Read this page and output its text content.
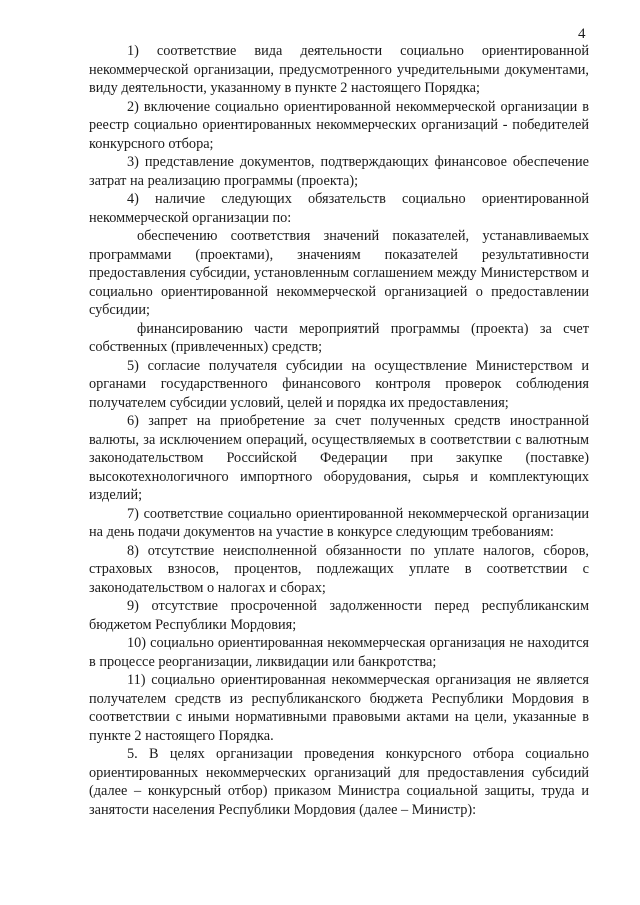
4

1) соответствие вида деятельности социально ориентированной некоммерческой организации, предусмотренного учредительными документами, виду деятельности, указанному в пункте 2 настоящего Порядка;

2) включение социально ориентированной некоммерческой организации в реестр социально ориентированных некоммерческих организаций - победителей конкурсного отбора;

3) представление документов, подтверждающих финансовое обеспечение затрат на реализацию программы (проекта);

4) наличие следующих обязательств социально ориентированной некоммерческой организации по:

обеспечению соответствия значений показателей, устанавливаемых программами (проектами), значениям показателей результативности предоставления субсидии, установленным соглашением между Министерством и социально ориентированной некоммерческой организацией о предоставлении субсидии;

финансированию части мероприятий программы (проекта) за счет собственных (привлеченных) средств;

5) согласие получателя субсидии на осуществление Министерством и органами государственного финансового контроля проверок соблюдения получателем субсидии условий, целей и порядка их предоставления;

6) запрет на приобретение за счет полученных средств иностранной валюты, за исключением операций, осуществляемых в соответствии с валютным законодательством Российской Федерации при закупке (поставке) высокотехнологичного импортного оборудования, сырья и комплектующих изделий;

7) соответствие социально ориентированной некоммерческой организации на день подачи документов на участие в конкурсе следующим требованиям:

8) отсутствие неисполненной обязанности по уплате налогов, сборов, страховых взносов, процентов, подлежащих уплате в соответствии с законодательством о налогах и сборах;

9) отсутствие просроченной задолженности перед республиканским бюджетом Республики Мордовия;

10) социально ориентированная некоммерческая организация не находится в процессе реорганизации, ликвидации или банкротства;

11) социально ориентированная некоммерческая организация не является получателем средств из республиканского бюджета Республики Мордовия в соответствии с иными нормативными правовыми актами на цели, указанные в пункте 2 настоящего Порядка.

5. В целях организации проведения конкурсного отбора социально ориентированных некоммерческих организаций для предоставления субсидий (далее – конкурсный отбор) приказом Министра социальной защиты, труда и занятости населения Республики Мордовия (далее – Министр):
